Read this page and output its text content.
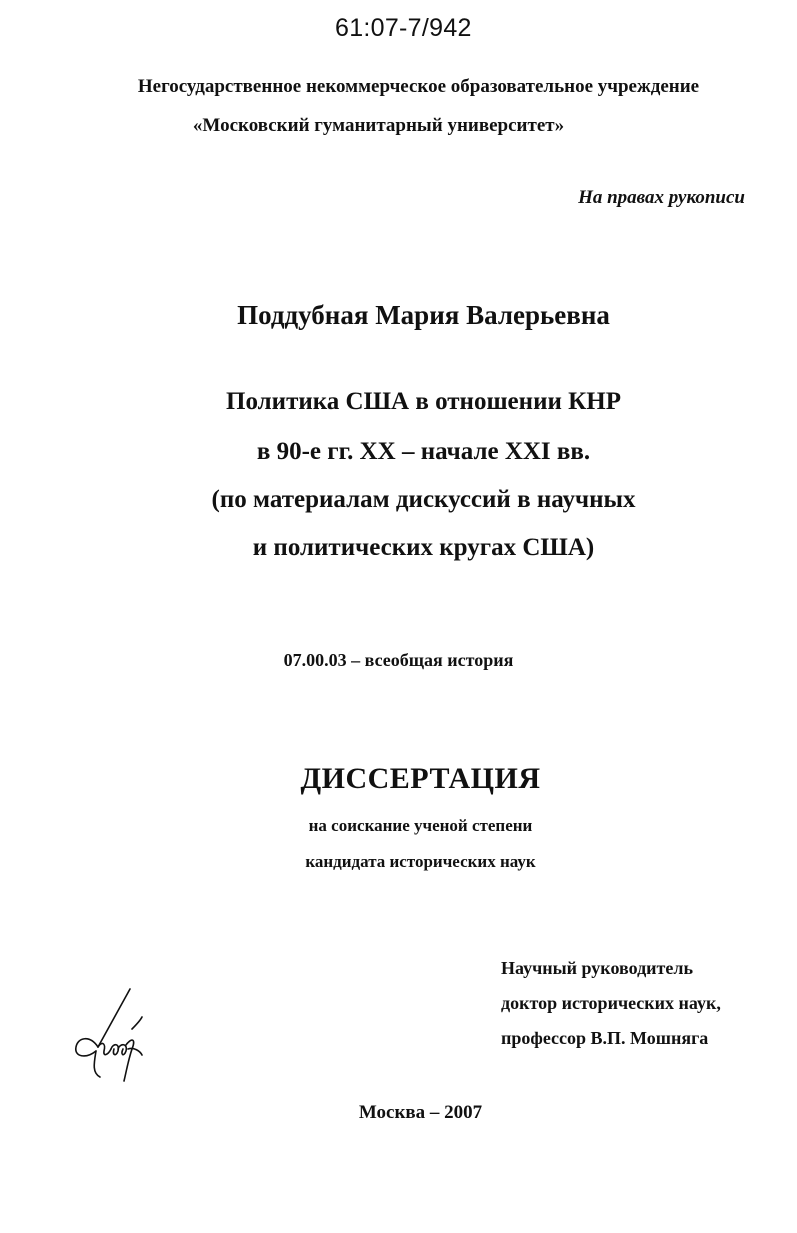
61:07-7/942
Негосударственное некоммерческое образовательное учреждение
«Московский гуманитарный университет»
На правах рукописи
Поддубная Мария Валерьевна
Политика США в отношении КНР
в 90-е гг. XX – начале XXI вв.
(по материалам дискуссий в научных
и политических кругах США)
07.00.03 – всеобщая история
ДИССЕРТАЦИЯ
на соискание ученой степени
кандидата исторических наук
Научный руководитель
доктор исторических наук,
профессор В.П. Мошняга
Москва – 2007
